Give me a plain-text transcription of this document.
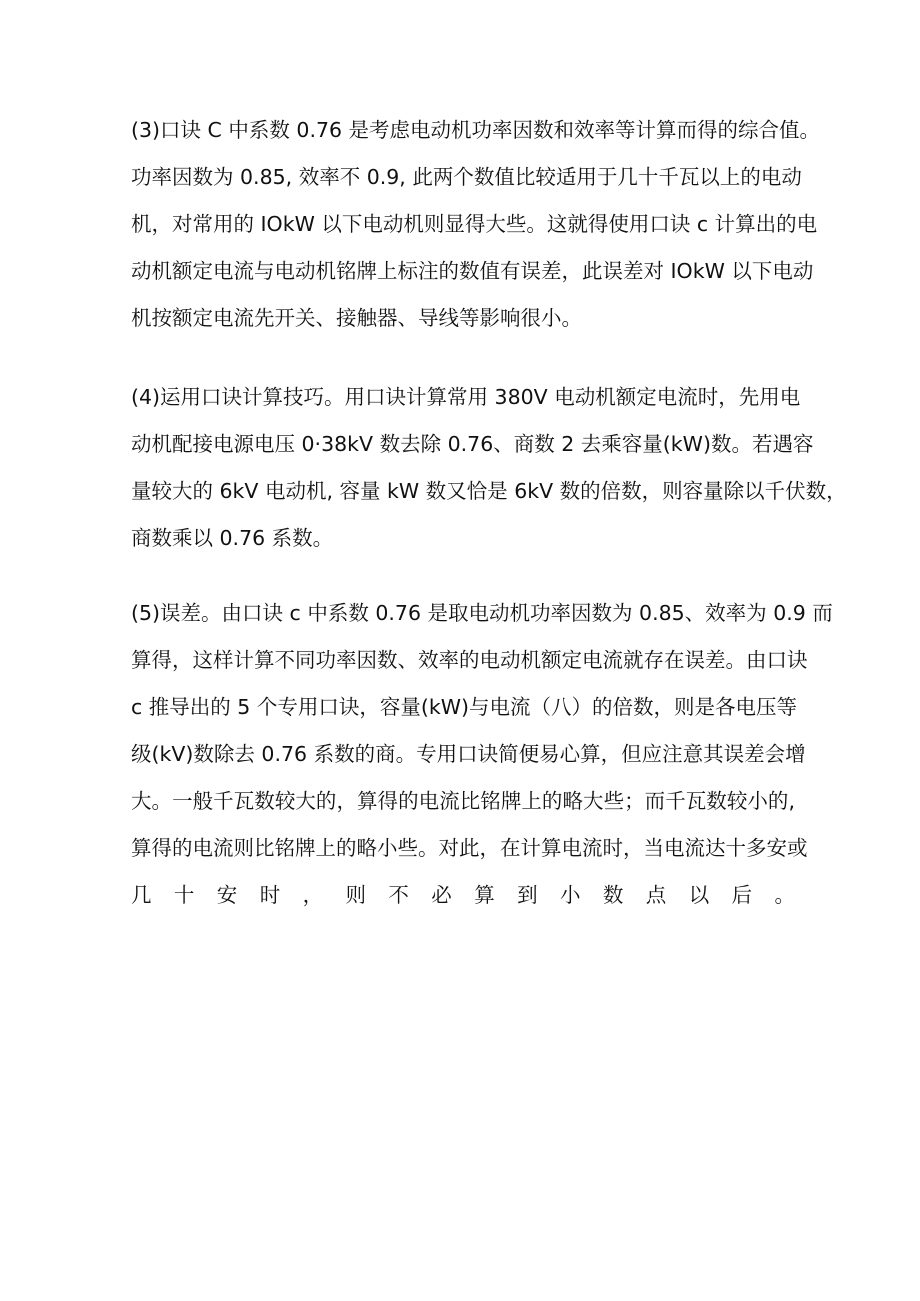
(3)口诀 C 中系数 0.76 是考虑电动机功率因数和效率等计算而得的综合值。
功率因数为 0.85, 效率不 0.9, 此两个数值比较适用于几十千瓦以上的电动
机，对常用的 IOkW 以下电动机则显得大些。这就得使用口诀 c 计算出的电
动机额定电流与电动机铭牌上标注的数值有误差，此误差对 IOkW 以下电动
机按额定电流先开关、接触器、导线等影响很小。
(4)运用口诀计算技巧。用口诀计算常用 380V 电动机额定电流时，先用电
动机配接电源电压 0·38kV 数去除 0.76、商数 2 去乘容量(kW)数。若遇容
量较大的 6kV 电动机, 容量 kW 数又恰是 6kV 数的倍数，则容量除以千伏数，
商数乘以 0.76 系数。
(5)误差。由口诀 c 中系数 0.76 是取电动机功率因数为 0.85、效率为 0.9 而
算得，这样计算不同功率因数、效率的电动机额定电流就存在误差。由口诀
c 推导出的 5 个专用口诀，容量(kW)与电流（八）的倍数，则是各电压等
级(kV)数除去 0.76 系数的商。专用口诀简便易心算，但应注意其误差会增
大。一般千瓦数较大的，算得的电流比铭牌上的略大些；而千瓦数较小的,
算得的电流则比铭牌上的略小些。对此，在计算电流时，当电流达十多安或
几 十 安 时 ， 则 不 必 算 到 小 数 点 以 后 。
